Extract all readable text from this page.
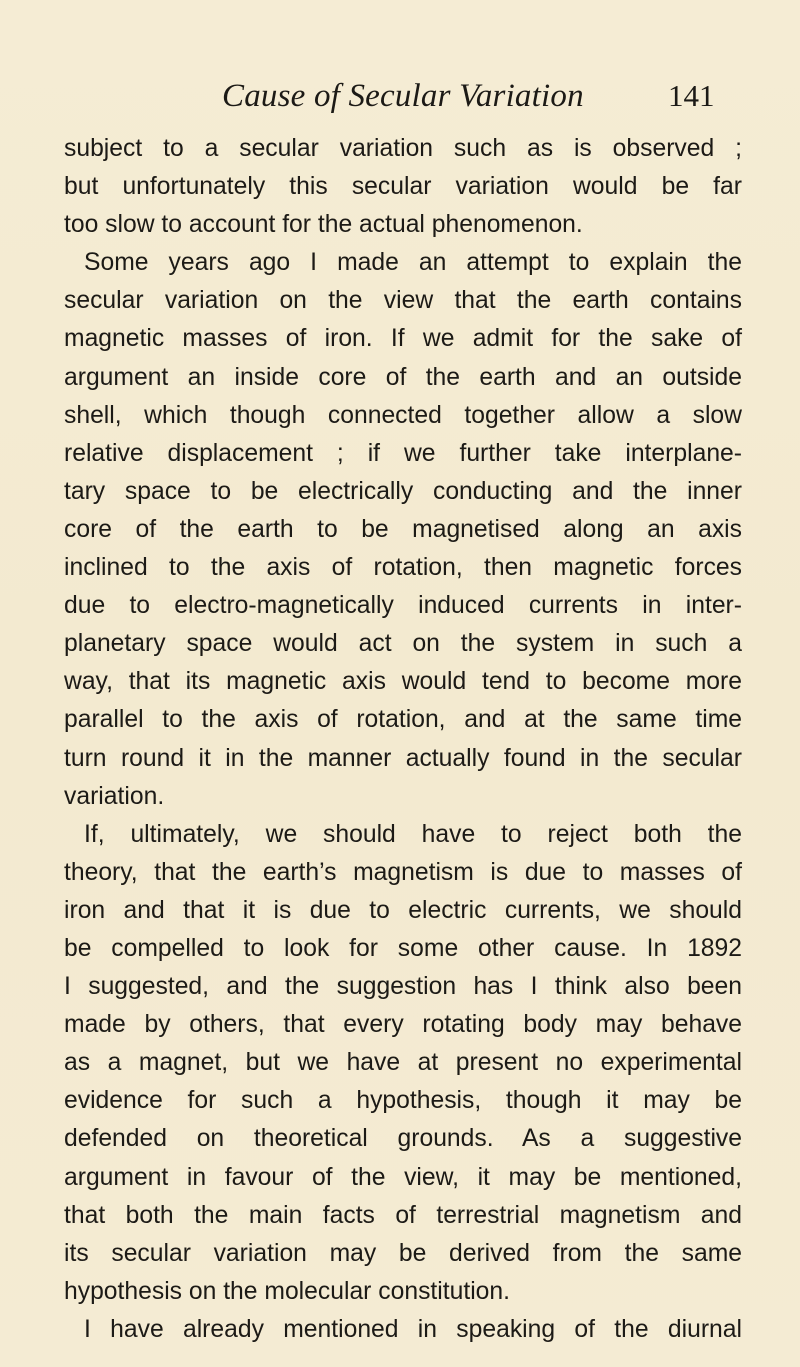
Cause of Secular Variation	141
subject to a secular variation such as is observed ;
but unfortunately this secular variation would be far
too slow to account for the actual phenomenon.
Some years ago I made an attempt to explain the
secular variation on the view that the earth contains
magnetic masses of iron. If we admit for the sake of
argument an inside core of the earth and an outside
shell, which though connected together allow a slow
relative displacement ; if we further take interplane-
tary space to be electrically conducting and the inner
core of the earth to be magnetised along an axis
inclined to the axis of rotation, then magnetic forces
due to electro-magnetically induced currents in inter-
planetary space would act on the system in such a
way, that its magnetic axis would tend to become more
parallel to the axis of rotation, and at the same time
turn round it in the manner actually found in the secular
variation.
If, ultimately, we should have to reject both the
theory, that the earth’s magnetism is due to masses of
iron and that it is due to electric currents, we should
be compelled to look for some other cause. In 1892
I suggested, and the suggestion has I think also been
made by others, that every rotating body may behave
as a magnet, but we have at present no experimental
evidence for such a hypothesis, though it may be
defended on theoretical grounds. As a suggestive
argument in favour of the view, it may be mentioned,
that both the main facts of terrestrial magnetism and
its secular variation may be derived from the same
hypothesis on the molecular constitution.
I have already mentioned in speaking of the diurnal
